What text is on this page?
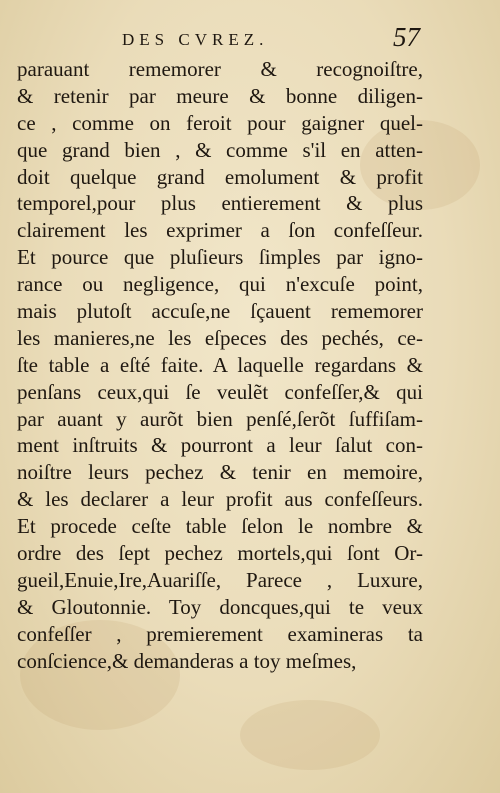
DES CVREZ.	57
parauant rememorer & recognoiſtre,
& retenir par meure & bonne diligen-
ce , comme on feroit pour gaigner quel-
que grand bien , & comme s'il en atten-
doit quelque grand emolument & profit
temporel,pour plus entierement & plus
clairement les exprimer a ſon confeſſeur.
Et pource que pluſieurs ſimples par igno-
rance ou negligence, qui n'excuſe point,
mais plutoſt accuſe,ne ſçauent rememorer
les manieres,ne les eſpeces des pechés, ce-
ſte table a eſté faite. A laquelle regardans &
penſans ceux,qui ſe veulẽt confeſſer,& qui
par auant y aurõt bien penſé,ſerõt ſuffiſam-
ment inſtruits & pourront a leur ſalut con-
noiſtre leurs pechez & tenir en memoire,
& les declarer a leur profit aus confeſſeurs.
Et procede ceſte table ſelon le nombre &
ordre des ſept pechez mortels,qui ſont Or-
gueil,Enuie,Ire,Auariſſe, Parece , Luxure,
& Gloutonnie. Toy doncques,qui te veux
confeſſer , premierement examineras ta
conſcience,& demanderas a toy meſmes,
